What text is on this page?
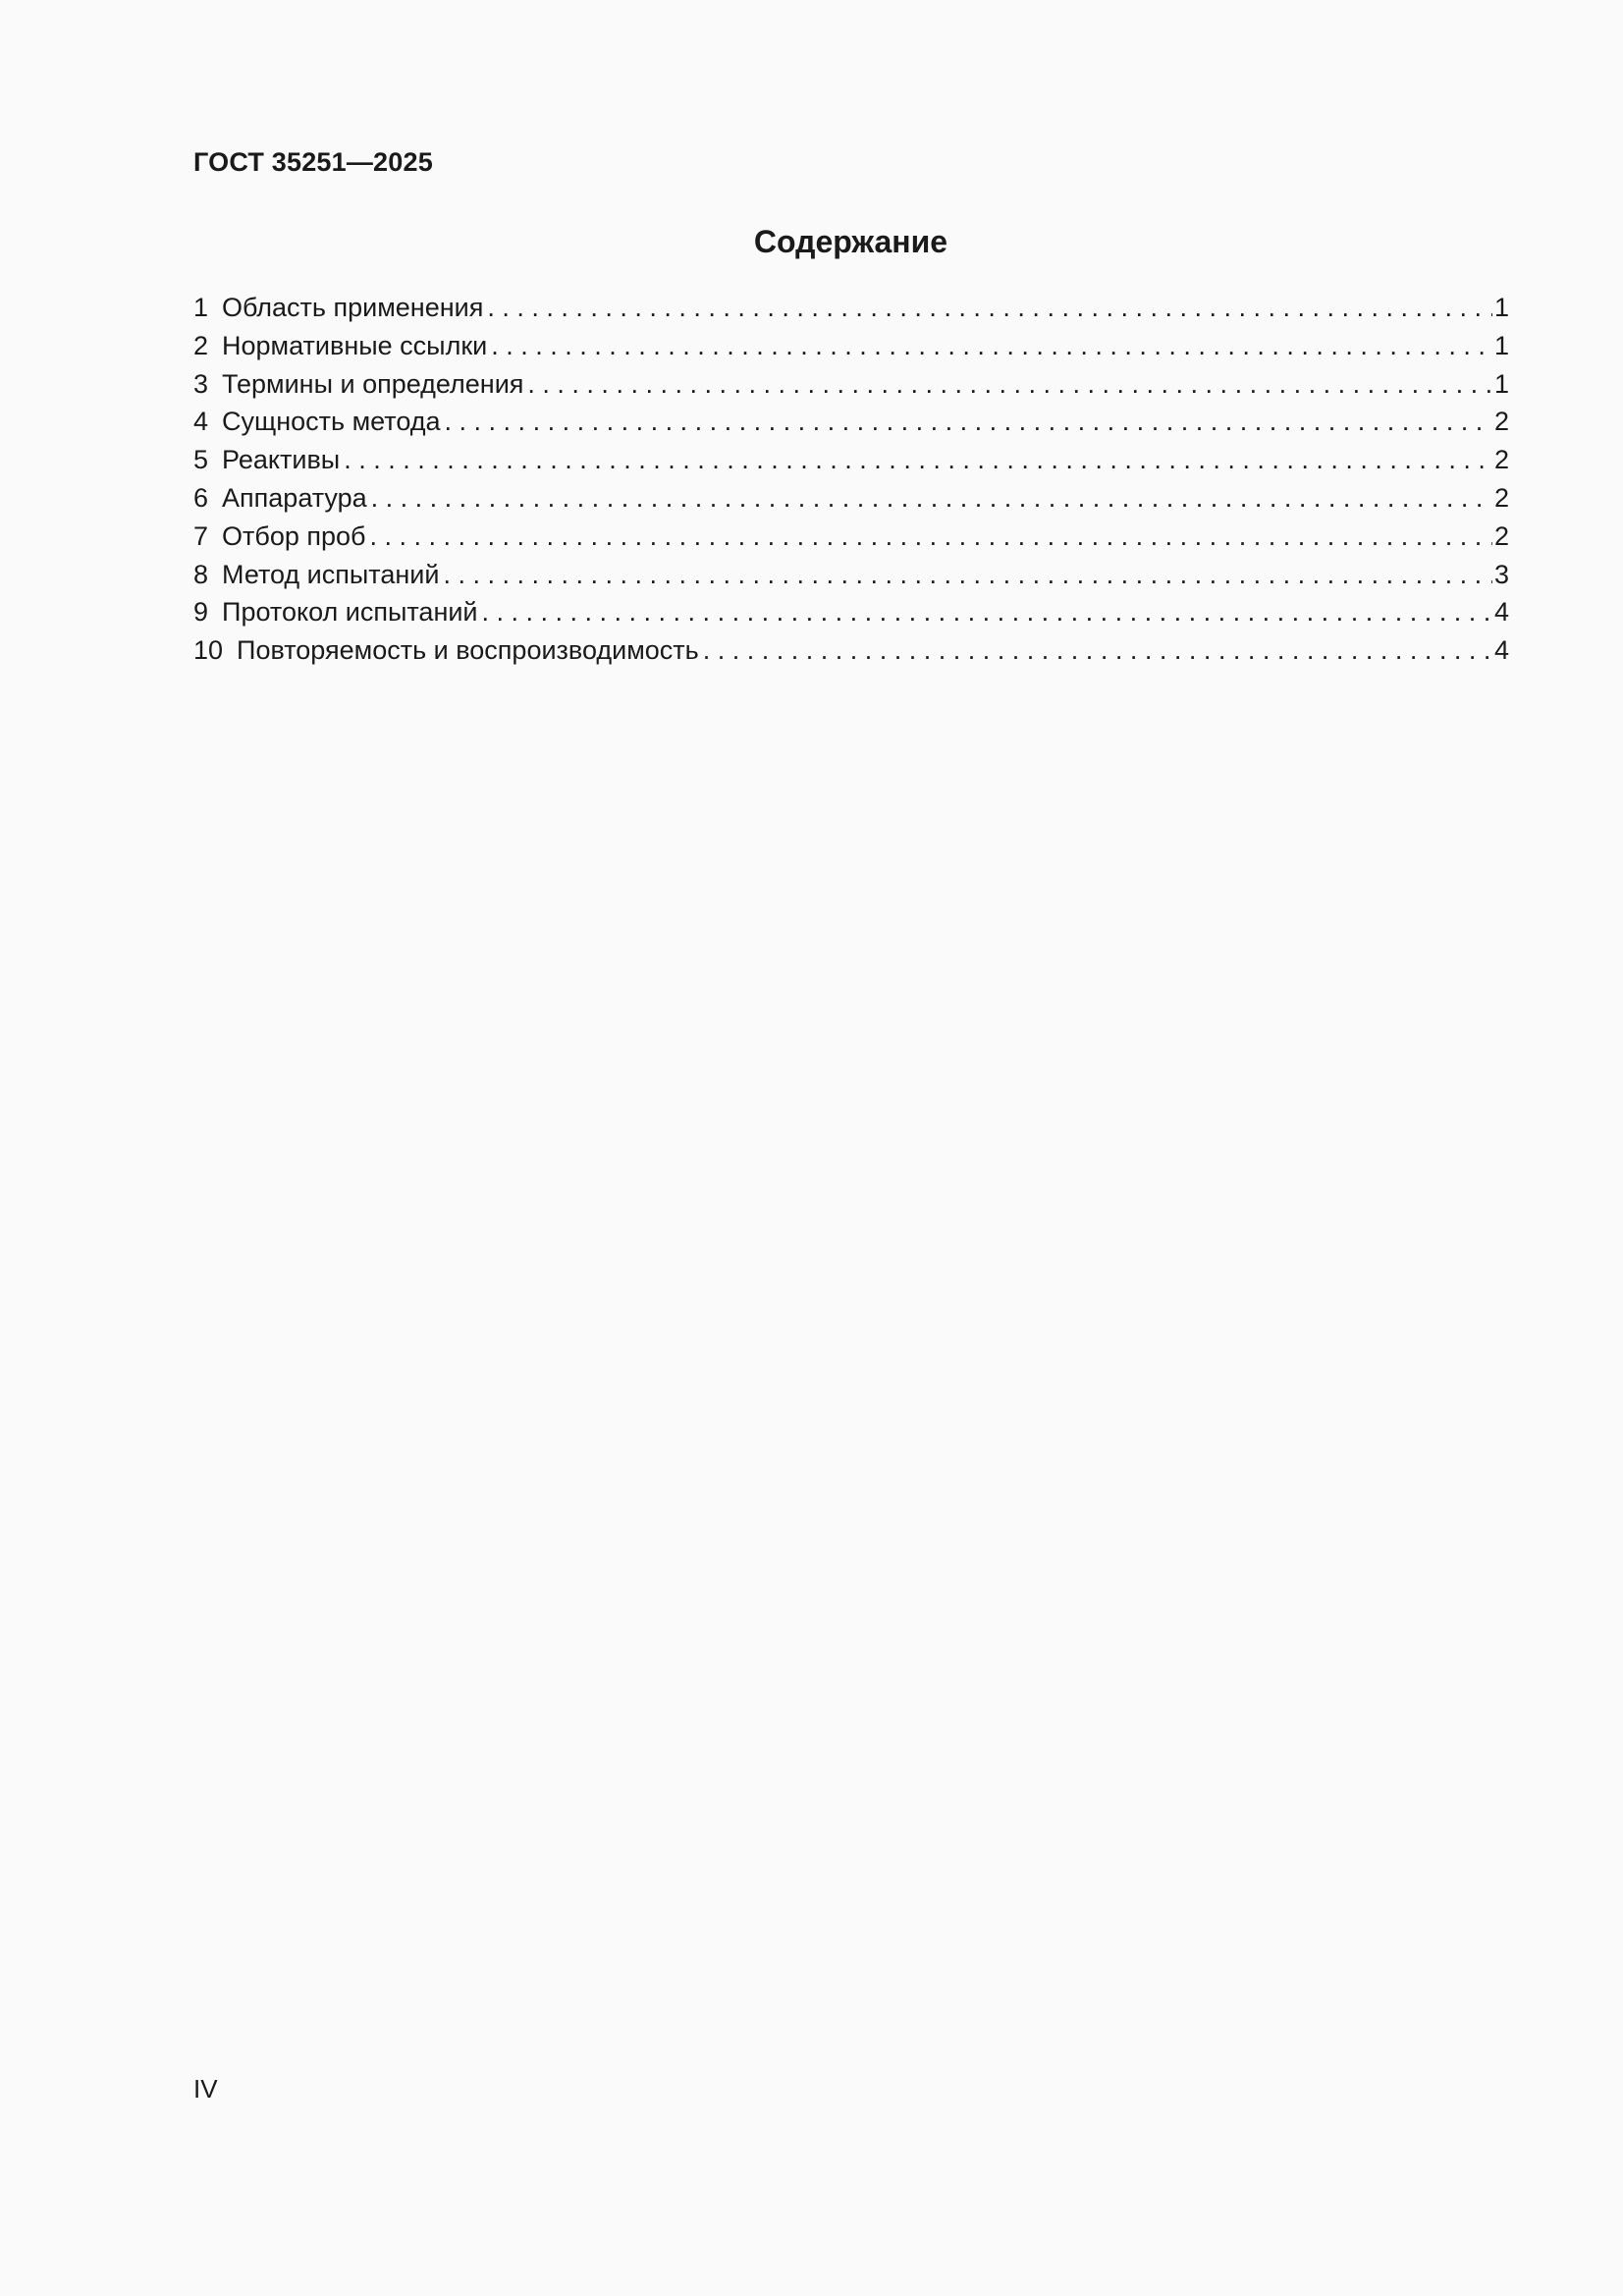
ГОСТ 35251—2025
Содержание
1 Область применения . . .	1
2 Нормативные ссылки . . .	1
3 Термины и определения . . .	1
4 Сущность метода . . .	2
5 Реактивы . . .	2
6 Аппаратура . . .	2
7 Отбор проб . . .	2
8 Метод испытаний . . .	3
9 Протокол испытаний . . .	4
10 Повторяемость и воспроизводимость . . .	4
IV
